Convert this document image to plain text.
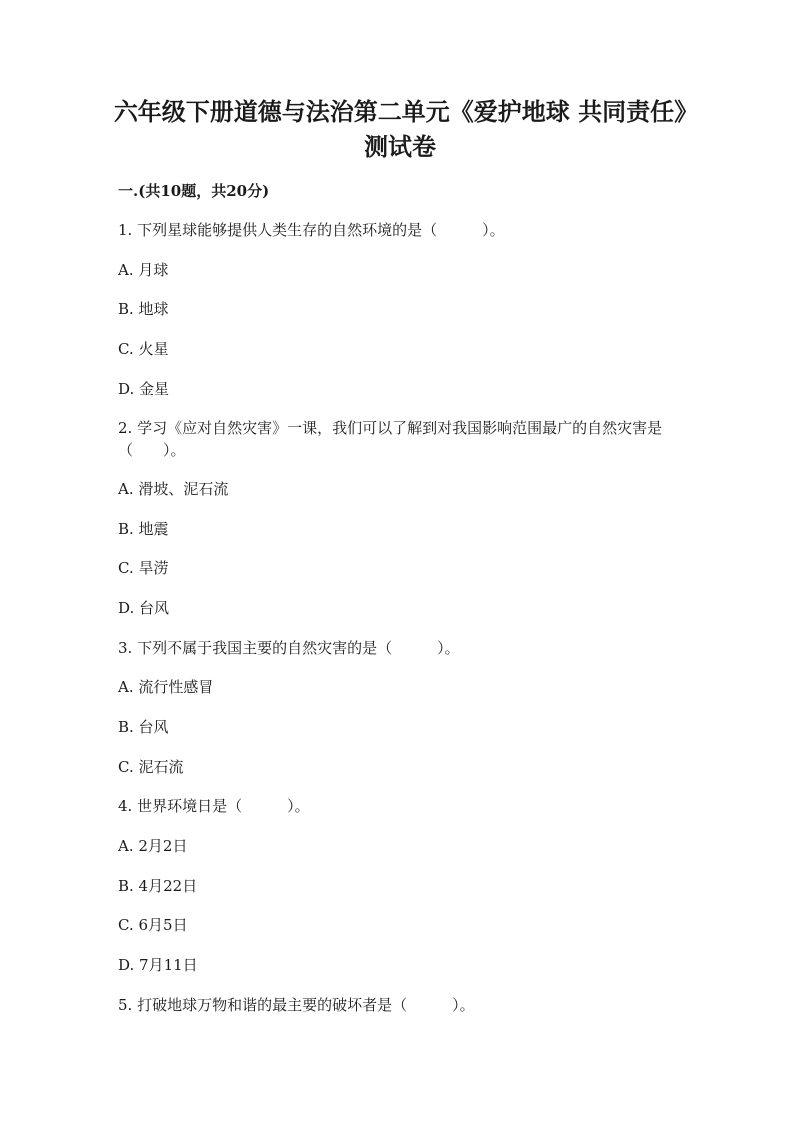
六年级下册道德与法治第二单元《爱护地球 共同责任》测试卷
一.(共10题，共20分)
1. 下列星球能够提供人类生存的自然环境的是（　　　）。
A. 月球
B. 地球
C. 火星
D. 金星
2. 学习《应对自然灾害》一课，我们可以了解到对我国影响范围最广的自然灾害是（　　）。
A. 滑坡、泥石流
B. 地震
C. 旱涝
D. 台风
3. 下列不属于我国主要的自然灾害的是（　　　）。
A. 流行性感冒
B. 台风
C. 泥石流
4. 世界环境日是（　　　）。
A. 2月2日
B. 4月22日
C. 6月5日
D. 7月11日
5. 打破地球万物和谐的最主要的破坏者是（　　　）。
